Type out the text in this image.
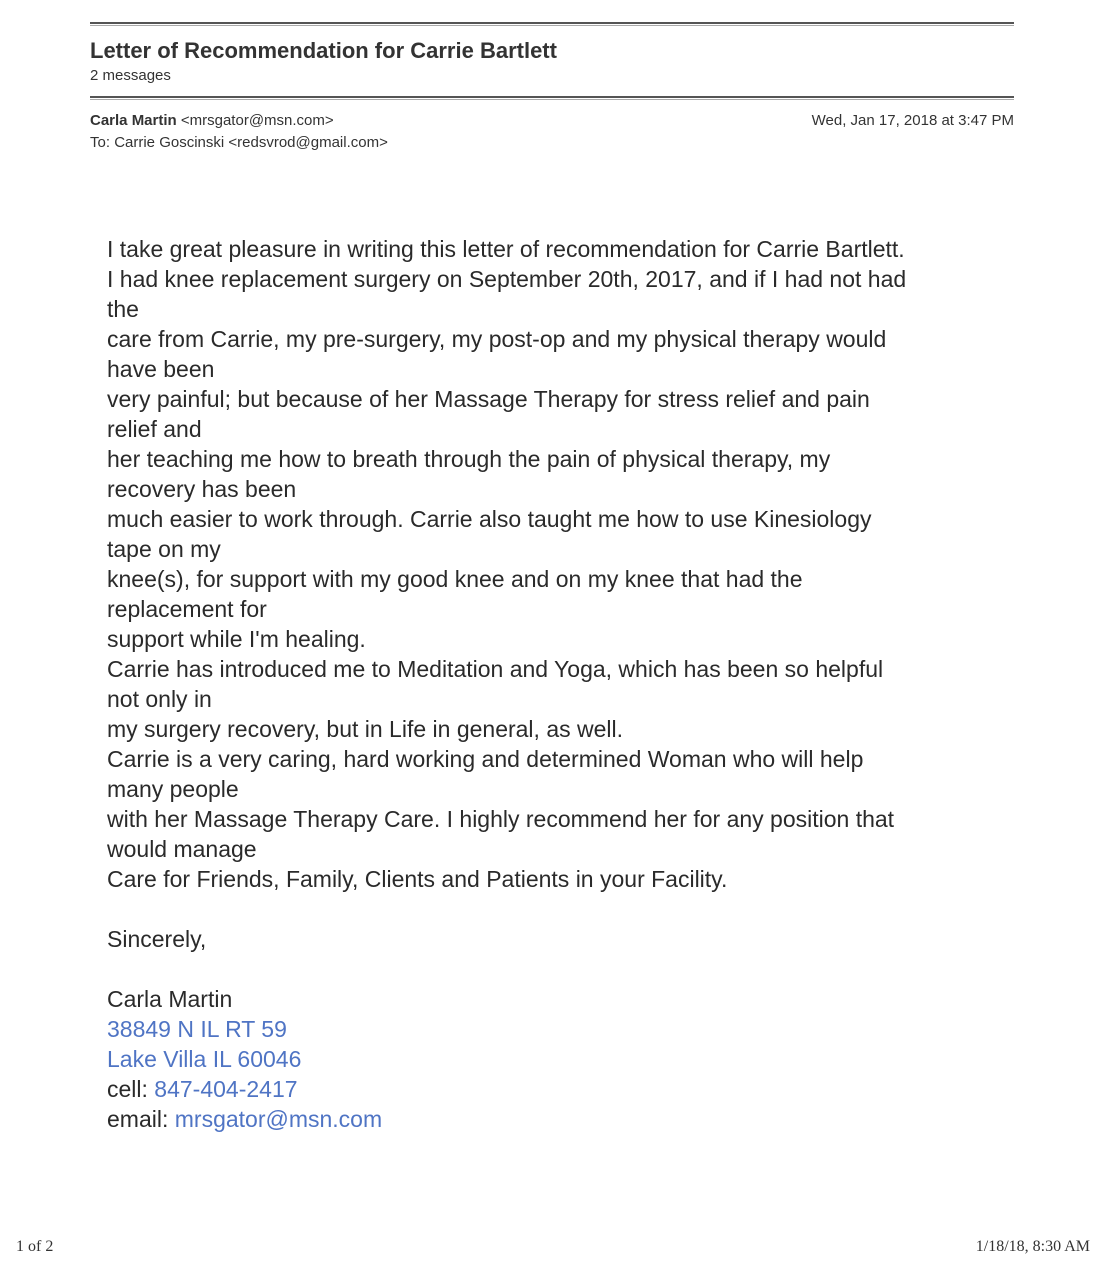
Letter of Recommendation for Carrie Bartlett
2 messages
Carla Martin <mrsgator@msn.com>	Wed, Jan 17, 2018 at 3:47 PM
To: Carrie Goscinski <redsvrod@gmail.com>
I take great pleasure in writing this letter of recommendation for Carrie Bartlett.
I had knee replacement surgery on September 20th, 2017, and if I had not had
the
care from Carrie, my pre-surgery, my post-op and my physical therapy would
have been
very painful; but because of her Massage Therapy for stress relief and pain
relief and
her teaching me how to breath through the pain of physical therapy, my
recovery has been
much easier to work through. Carrie also taught me how to use Kinesiology
tape on my
knee(s), for support with my good knee and on my knee that had the
replacement for
support while I'm healing.
Carrie has introduced me to Meditation and Yoga, which has been so helpful
not only in
my surgery recovery, but in Life in general, as well.
Carrie is a very caring, hard working and determined Woman who will help
many people
with her Massage Therapy Care. I highly recommend her for any position that
would manage
Care for Friends, Family, Clients and Patients in your Facility.
Sincerely,
Carla Martin
38849 N IL RT 59
Lake Villa IL 60046
cell: 847-404-2417
email: mrsgator@msn.com
1 of 2	1/18/18, 8:30 AM
